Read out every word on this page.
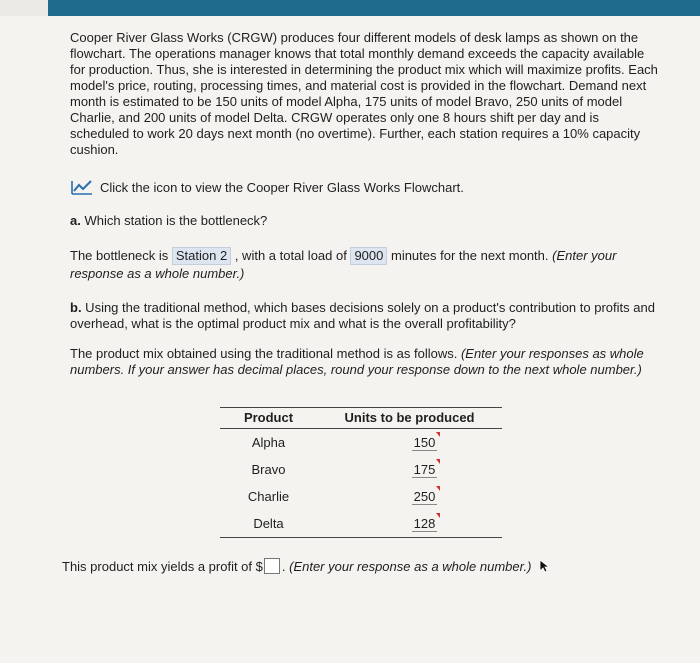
Cooper River Glass Works (CRGW) produces four different models of desk lamps as shown on the flowchart. The operations manager knows that total monthly demand exceeds the capacity available for production. Thus, she is interested in determining the product mix which will maximize profits. Each model's price, routing, processing times, and material cost is provided in the flowchart. Demand next month is estimated to be 150 units of model Alpha, 175 units of model Bravo, 250 units of model Charlie, and 200 units of model Delta. CRGW operates only one 8 hours shift per day and is scheduled to work 20 days next month (no overtime). Further, each station requires a 10% capacity cushion.

Click the icon to view the Cooper River Glass Works Flowchart.
a. Which station is the bottleneck?
The bottleneck is Station 2 , with a total load of 9000 minutes for the next month. (Enter your response as a whole number.)
b. Using the traditional method, which bases decisions solely on a product's contribution to profits and overhead, what is the optimal product mix and what is the overall profitability?
The product mix obtained using the traditional method is as follows. (Enter your responses as whole numbers. If your answer has decimal places, round your response down to the next whole number.)
Product	Units to be produced
Alpha	150
Bravo	175
Charlie	250
Delta	128
This product mix yields a profit of $ .
(Enter your response as a whole number.)
